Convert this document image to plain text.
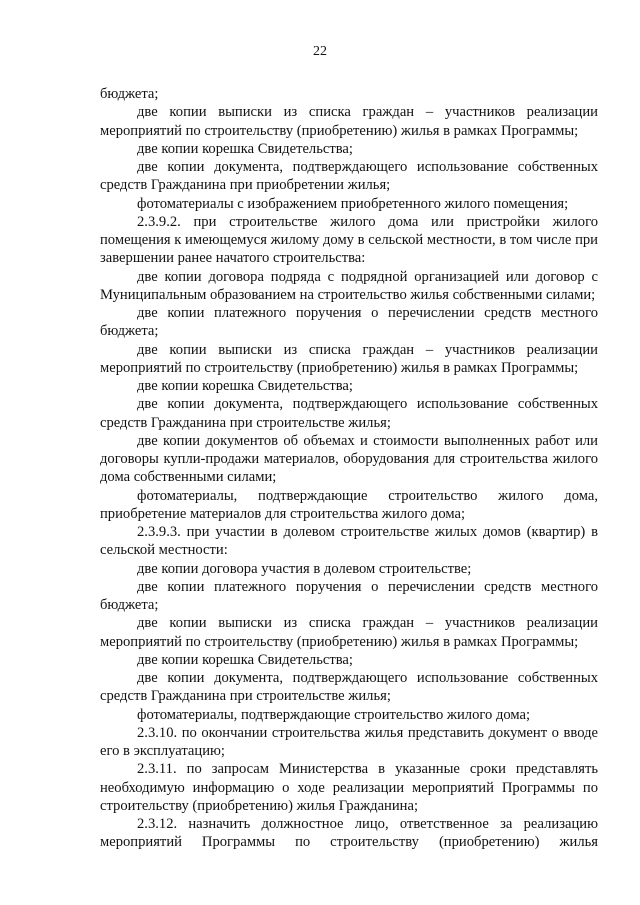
22

бюджета;

две копии выписки из списка граждан – участников реализации мероприятий по строительству (приобретению) жилья в рамках Программы;

две копии корешка Свидетельства;

две копии документа, подтверждающего использование собственных средств Гражданина при приобретении жилья;

фотоматериалы с изображением приобретенного жилого помещения;

2.3.9.2. при строительстве жилого дома или пристройки жилого помещения к имеющемуся жилому дому в сельской местности, в том числе при завершении ранее начатого строительства:

две копии договора подряда с подрядной организацией или договор с Муниципальным образованием на строительство жилья собственными силами;

две копии платежного поручения о перечислении средств местного бюджета;

две копии выписки из списка граждан – участников реализации мероприятий по строительству (приобретению) жилья в рамках Программы;

две копии корешка Свидетельства;

две копии документа, подтверждающего использование собственных средств Гражданина при строительстве жилья;

две копии документов об объемах и стоимости выполненных работ или договоры купли-продажи материалов, оборудования для строительства жилого дома собственными силами;

фотоматериалы, подтверждающие строительство жилого дома, приобретение материалов для строительства жилого дома;

2.3.9.3. при участии в долевом строительстве жилых домов (квартир) в сельской местности:

две копии договора участия в долевом строительстве;

две копии платежного поручения о перечислении средств местного бюджета;

две копии выписки из списка граждан – участников реализации мероприятий по строительству (приобретению) жилья в рамках Программы;

две копии корешка Свидетельства;

две копии документа, подтверждающего использование собственных средств Гражданина при строительстве жилья;

фотоматериалы, подтверждающие строительство жилого дома;

2.3.10. по окончании строительства жилья представить документ о вводе его в эксплуатацию;

2.3.11. по запросам Министерства в указанные сроки представлять необходимую информацию о ходе реализации мероприятий Программы по строительству (приобретению) жилья Гражданина;

2.3.12. назначить должностное лицо, ответственное за реализацию мероприятий Программы по строительству (приобретению) жилья
